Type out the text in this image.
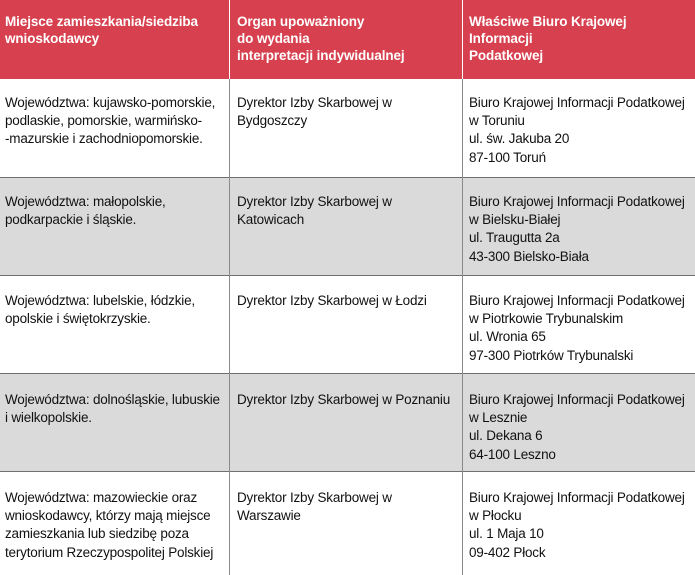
Miejsce zamieszkania/siedziba
wnioskodawcy
Organ upoważniony
do wydania
interpretacji indywidualnej
Właściwe Biuro Krajowej Informacji
Podatkowej
Województwa: kujawsko-pomorskie,
podlaskie, pomorskie, warmińsko-
-mazurskie i zachodniopomorskie.
Dyrektor Izby Skarbowej w Bydgoszczy
Biuro Krajowej Informacji Podatkowej
w Toruniu
ul. św. Jakuba 20
87-100 Toruń
Województwa: małopolskie,
podkarpackie i śląskie.
Dyrektor Izby Skarbowej w Katowicach
Biuro Krajowej Informacji Podatkowej
w Bielsku-Białej
ul. Traugutta 2a
43-300 Bielsko-Biała
Województwa: lubelskie, łódzkie,
opolskie i świętokrzyskie.
Dyrektor Izby Skarbowej w Łodzi	Biuro Krajowej Informacji Podatkowej
w Piotrkowie Trybunalskim
ul. Wronia 65
97-300 Piotrków Trybunalski
Województwa: dolnośląskie, lubuskie
i wielkopolskie.
Dyrektor Izby Skarbowej w Poznaniu	Biuro Krajowej Informacji Podatkowej
w Lesznie
ul. Dekana 6
64-100 Leszno
Województwa: mazowieckie oraz
wnioskodawcy, którzy mają miejsce
zamieszkania lub siedzibę poza
terytorium Rzeczypospolitej Polskiej
Dyrektor Izby Skarbowej w Warszawie
Biuro Krajowej Informacji Podatkowej
w Płocku
ul. 1 Maja 10
09-402 Płock
